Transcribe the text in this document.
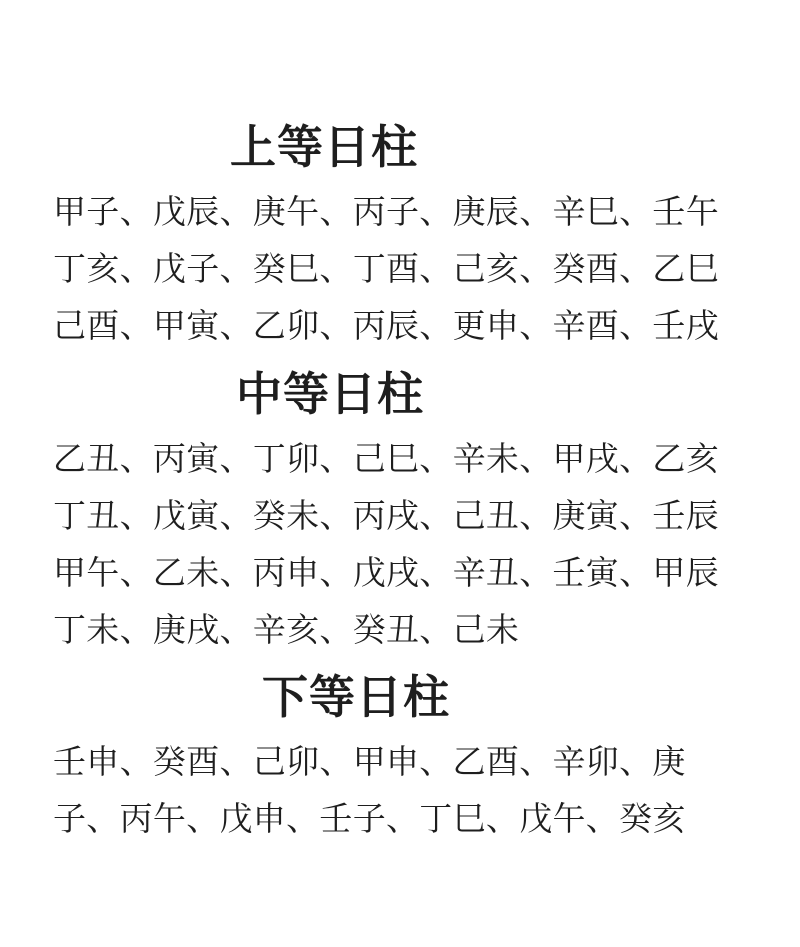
上等日柱

甲子、戊辰、庚午、丙子、庚辰、辛巳、壬午

丁亥、戊子、癸巳、丁酉、己亥、癸酉、乙巳

己酉、甲寅、乙卯、丙辰、更申、辛酉、壬戌

中等日柱

乙丑、丙寅、丁卯、己巳、辛未、甲戌、乙亥

丁丑、戊寅、癸未、丙戌、己丑、庚寅、壬辰

甲午、乙未、丙申、戊戌、辛丑、壬寅、甲辰

丁未、庚戌、辛亥、癸丑、己未

下等日柱

壬申、癸酉、己卯、甲申、乙酉、辛卯、庚

子、丙午、戊申、壬子、丁巳、戊午、癸亥
